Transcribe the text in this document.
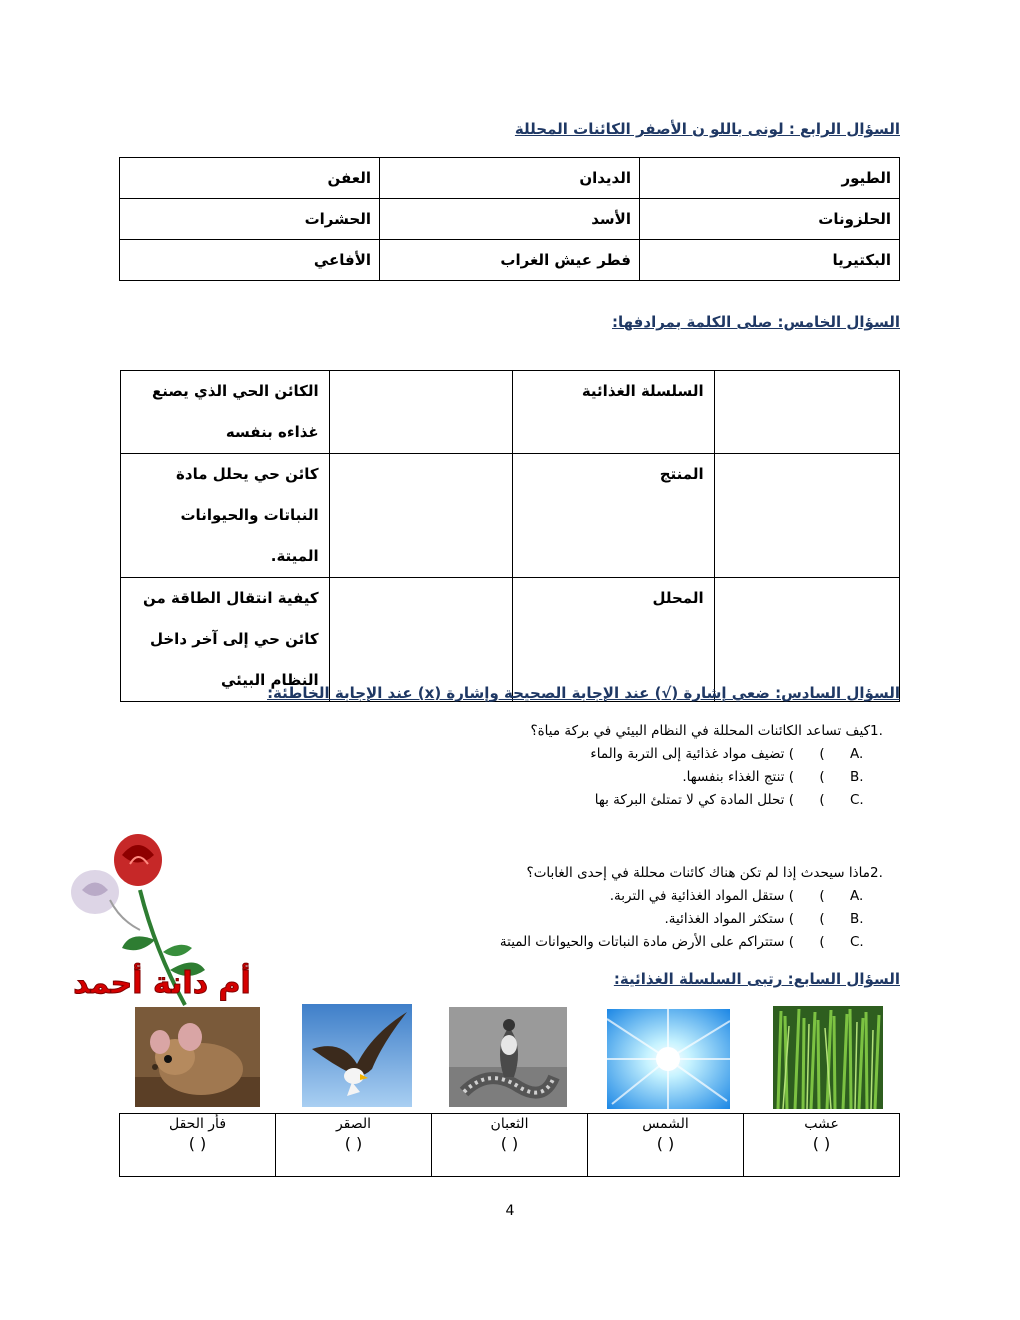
السؤال الرابع : لونى باللو ن الأصفر الكائنات المحللة
الطيور	الديدان	العفن
الحلزونات	الأسد	الحشرات
البكتيريا	فطر عيش الغراب	الأفاعي
السؤال الخامس: صلى الكلمة بمرادفها:
	السلسلة الغذائية		الكائن الحي الذي يصنع
غذاءه بنفسه

	المنتج		كائن حي يحلل مادة
النباتات والحيوانات الميتة.

	المحلل		كيفية انتقال الطاقة من
كائن حي إلى آخر داخل
النظام البيئي
السؤال السادس: ضعي إشارة (√) عند الإجابة الصحيحة وإشارة (x) عند الإجابة الخاطئة:
1.
كيف تساعد الكائنات المحللة في النظام البيئي في بركة مياة؟
A.
(
) تضيف مواد غذائية إلى التربة والماء
B.
(
) تنتج الغذاء بنفسها.
C.
(
) تحلل المادة كي لا تمتلئ البركة بها
2.
ماذا سيحدث إذا لم تكن هناك كائنات محللة في إحدى الغابات؟
A.
(
) ستقل المواد الغذائية في التربة.
B.
(
) ستكثر المواد الغذائية.
C.
(
) ستتراكم على الأرض مادة النباتات والحيوانات الميتة
أم دانة أحمد	السؤال السابع: رتبى السلسلة الغذائية:
عشب
( )

الشمس
( )

الثعبان
( )

الصقر
( )

فأر الحقل
( )
4
